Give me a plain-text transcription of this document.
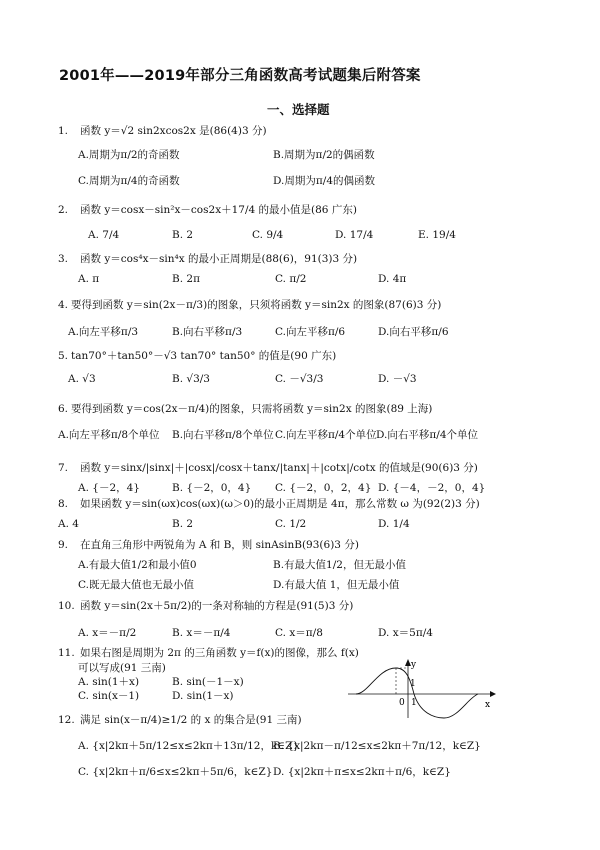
2001年——2019年部分三角函数高考试题集后附答案
一、选择题
1. 函数 y＝√2 sin2xcos2x 是(86(4)3 分)
A.周期为π/2的奇函数	B.周期为π/2的偶函数
C.周期为π/4的奇函数	D.周期为π/4的偶函数
2. 函数 y＝cosx－sin²x－cos2x＋17/4 的最小值是(86 广东)
A. 7/4	B. 2	C. 9/4	D. 17/4	E. 19/4
3. 函数 y＝cos⁴x－sin⁴x 的最小正周期是(88(6)，91(3)3 分)
A. π	B. 2π	C. π/2	D. 4π
4. 要得到函数 y＝sin(2x－π/3)的图象，只须将函数 y＝sin2x 的图象(87(6)3 分)
A.向左平移π/3	B.向右平移π/3	C.向左平移π/6	D.向右平移π/6
5. tan70°＋tan50°－√3 tan70° tan50° 的值是(90 广东)
A. √3	B. √3/3	C. －√3/3	D. －√3
6. 要得到函数 y＝cos(2x－π/4)的图象，只需将函数 y＝sin2x 的图象(89 上海)
A.向左平移π/8个单位 B.向右平移π/8个单位 C.向左平移π/4个单位 D.向右平移π/4个单位
7. 函数 y＝sinx/|sinx|＋|cosx|/cosx＋tanx/|tanx|＋|cotx|/cotx 的值域是(90(6)3 分)
A. {－2，4}	B. {－2，0，4} C. {－2，0，2，4} D. {－4，－2，0，4}
8. 如果函数 y＝sin(ωx)cos(ωx)(ω＞0)的最小正周期是 4π，那么常数 ω 为(92(2)3 分)
A. 4	B. 2	C. 1/2	D. 1/4
9. 在直角三角形中两锐角为 A 和 B，则 sinAsinB(93(6)3 分)
A.有最大值1/2和最小值0	B.有最大值1/2，但无最小值
C.既无最大值也无最小值	D.有最大值 1，但无最小值
10. 函数 y＝sin(2x＋5π/2)的一条对称轴的方程是(91(5)3 分)
A. x＝－π/2	B. x＝－π/4	C. x＝π/8	D. x＝5π/4
11. 如果右图是周期为 2π 的三角函数 y＝f(x)的图像，那么 f(x)
可以写成(91 三南)
A. sin(1＋x)	B. sin(－1－x)
C. sin(x－1)	D. sin(1－x)
y
x
0 1
1
12. 满足 sin(x－π/4)≥1/2 的 x 的集合是(91 三南)
A. {x|2kπ＋5π/12≤x≤2kπ＋13π/12，k∈Z}
B. {x|2kπ－π/12≤x≤2kπ＋7π/12，k∈Z}
C. {x|2kπ＋π/6≤x≤2kπ＋5π/6，k∈Z} D. {x|2kπ＋π≤x≤2kπ＋π/6，k∈Z}
